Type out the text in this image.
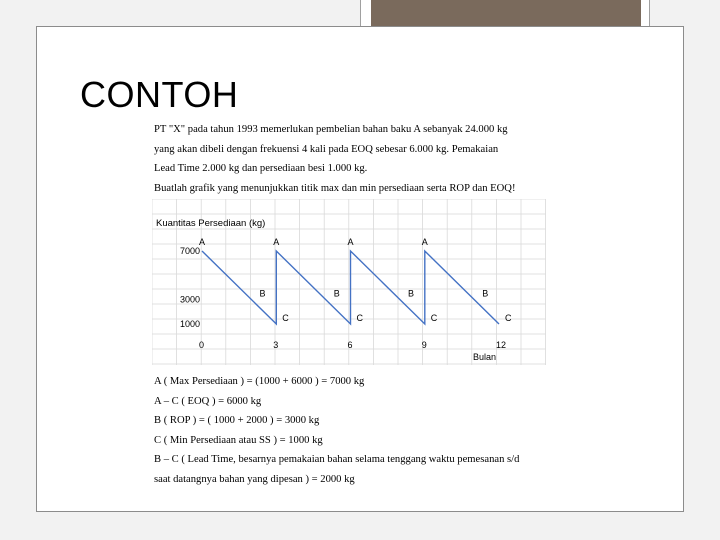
CONTOH

PT "X" pada tahun 1993 memerlukan pembelian bahan baku A sebanyak 24.000 kg

yang akan dibeli dengan frekuensi 4 kali pada EOQ sebesar 6.000 kg. Pemakaian

Lead Time 2.000 kg dan persediaan besi 1.000 kg.

Buatlah grafik yang menunjukkan titik max dan min persediaan serta ROP dan EOQ!

Kuantitas Persediaan (kg)
7000
3000
1000
0	3	6	9	12
Bulan
A	A	A	A
B	B	B	B
C	C	C	C

A ( Max Persediaan ) = (1000 + 6000 ) = 7000 kg

A – C ( EOQ ) = 6000 kg

B ( ROP ) = ( 1000 + 2000 ) = 3000 kg

C ( Min Persediaan atau SS ) = 1000 kg

B – C ( Lead Time, besarnya pemakaian bahan selama tenggang waktu pemesanan s/d

saat datangnya bahan yang dipesan ) = 2000 kg
